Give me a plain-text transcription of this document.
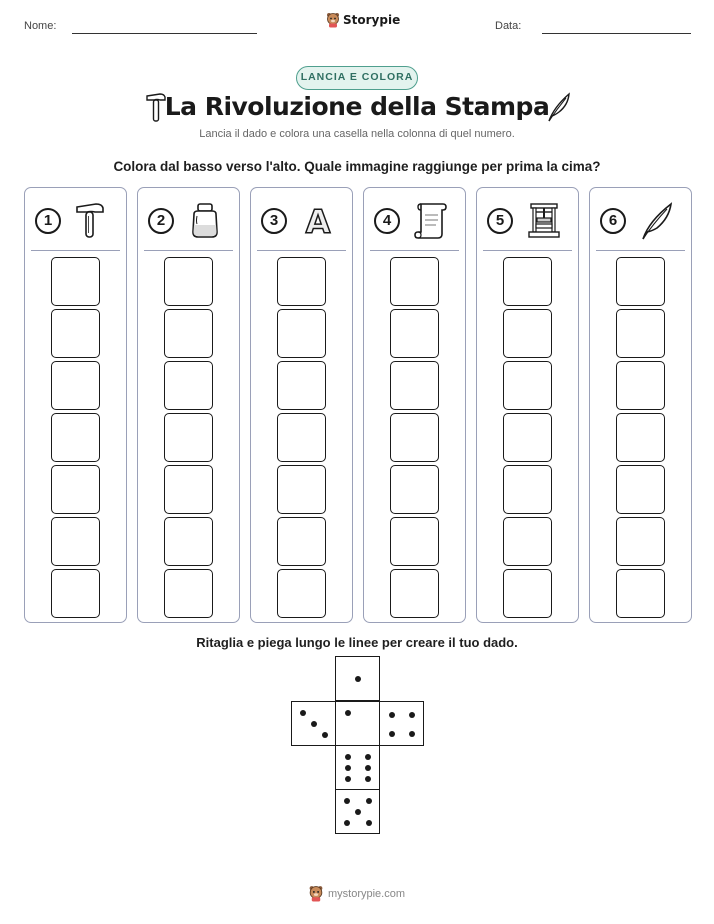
Nome:	Storypie	Data:
LANCIA E COLORA
La Rivoluzione della Stampa
Lancia il dado e colora una casella nella colonna di quel numero.
Colora dal basso verso l'alto. Quale immagine raggiunge per prima la cima?
1	2	3 A	4	5	6
Ritaglia e piega lungo le linee per creare il tuo dado.
mystorypie.com
